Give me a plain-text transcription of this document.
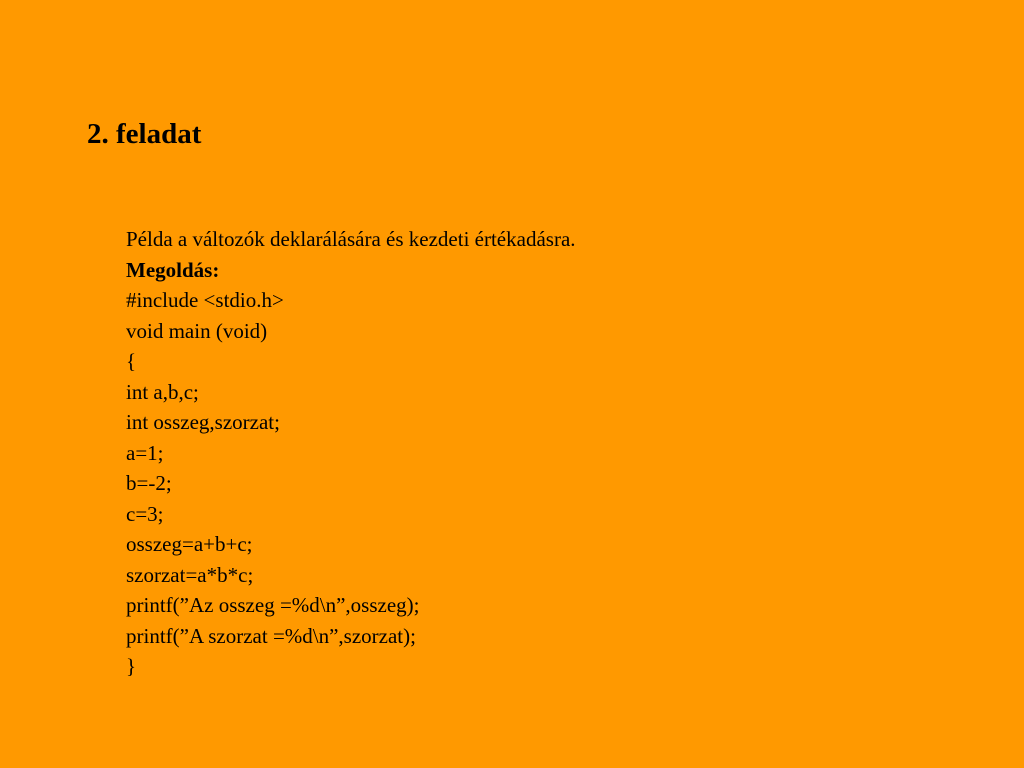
2. feladat
Példa a változók deklarálására és kezdeti értékadásra.
Megoldás:
#include <stdio.h>
void main (void)
{
int a,b,c;
int osszeg,szorzat;
a=1;
b=-2;
c=3;
osszeg=a+b+c;
szorzat=a*b*c;
printf(”Az osszeg =%d\n”,osszeg);
printf(”A szorzat =%d\n”,szorzat);
}
